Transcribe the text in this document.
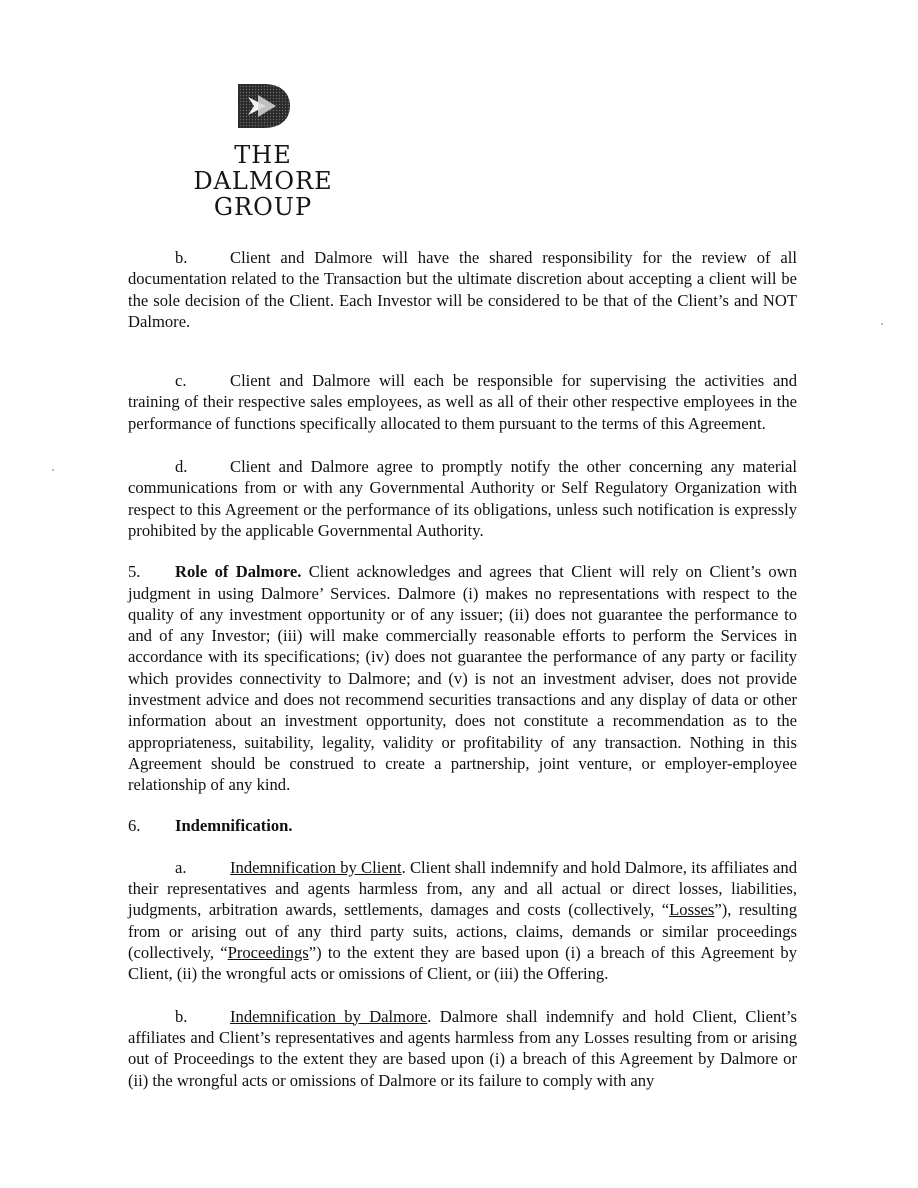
THE
DALMORE
GROUP

b.	Client and Dalmore will have the shared responsibility for the review of all documentation related to the Transaction but the ultimate discretion about accepting a client will be the sole decision of the Client. Each Investor will be considered to be that of the Client’s and NOT Dalmore.

c.	Client and Dalmore will each be responsible for supervising the activities and training of their respective sales employees, as well as all of their other respective employees in the performance of functions specifically allocated to them pursuant to the terms of this Agreement.

d.	Client and Dalmore agree to promptly notify the other concerning any material communications from or with any Governmental Authority or Self Regulatory Organization with respect to this Agreement or the performance of its obligations, unless such notification is expressly prohibited by the applicable Governmental Authority.

5. Role of Dalmore. Client acknowledges and agrees that Client will rely on Client’s own judgment in using Dalmore’ Services. Dalmore (i) makes no representations with respect to the quality of any investment opportunity or of any issuer; (ii) does not guarantee the performance to and of any Investor; (iii) will make commercially reasonable efforts to perform the Services in accordance with its specifications; (iv) does not guarantee the performance of any party or facility which provides connectivity to Dalmore; and (v) is not an investment adviser, does not provide investment advice and does not recommend securities transactions and any display of data or other information about an investment opportunity, does not constitute a recommendation as to the appropriateness, suitability, legality, validity or profitability of any transaction. Nothing in this Agreement should be construed to create a partnership, joint venture, or employer-employee relationship of any kind.

6. Indemnification.

a.	Indemnification by Client. Client shall indemnify and hold Dalmore, its affiliates and their representatives and agents harmless from, any and all actual or direct losses, liabilities, judgments, arbitration awards, settlements, damages and costs (collectively, “Losses”), resulting from or arising out of any third party suits, actions, claims, demands or similar proceedings (collectively, “Proceedings”) to the extent they are based upon (i) a breach of this Agreement by Client, (ii) the wrongful acts or omissions of Client, or (iii) the Offering.

b.	Indemnification by Dalmore. Dalmore shall indemnify and hold Client, Client’s affiliates and Client’s representatives and agents harmless from any Losses resulting from or arising out of Proceedings to the extent they are based upon (i) a breach of this Agreement by Dalmore or (ii) the wrongful acts or omissions of Dalmore or its failure to comply with any
